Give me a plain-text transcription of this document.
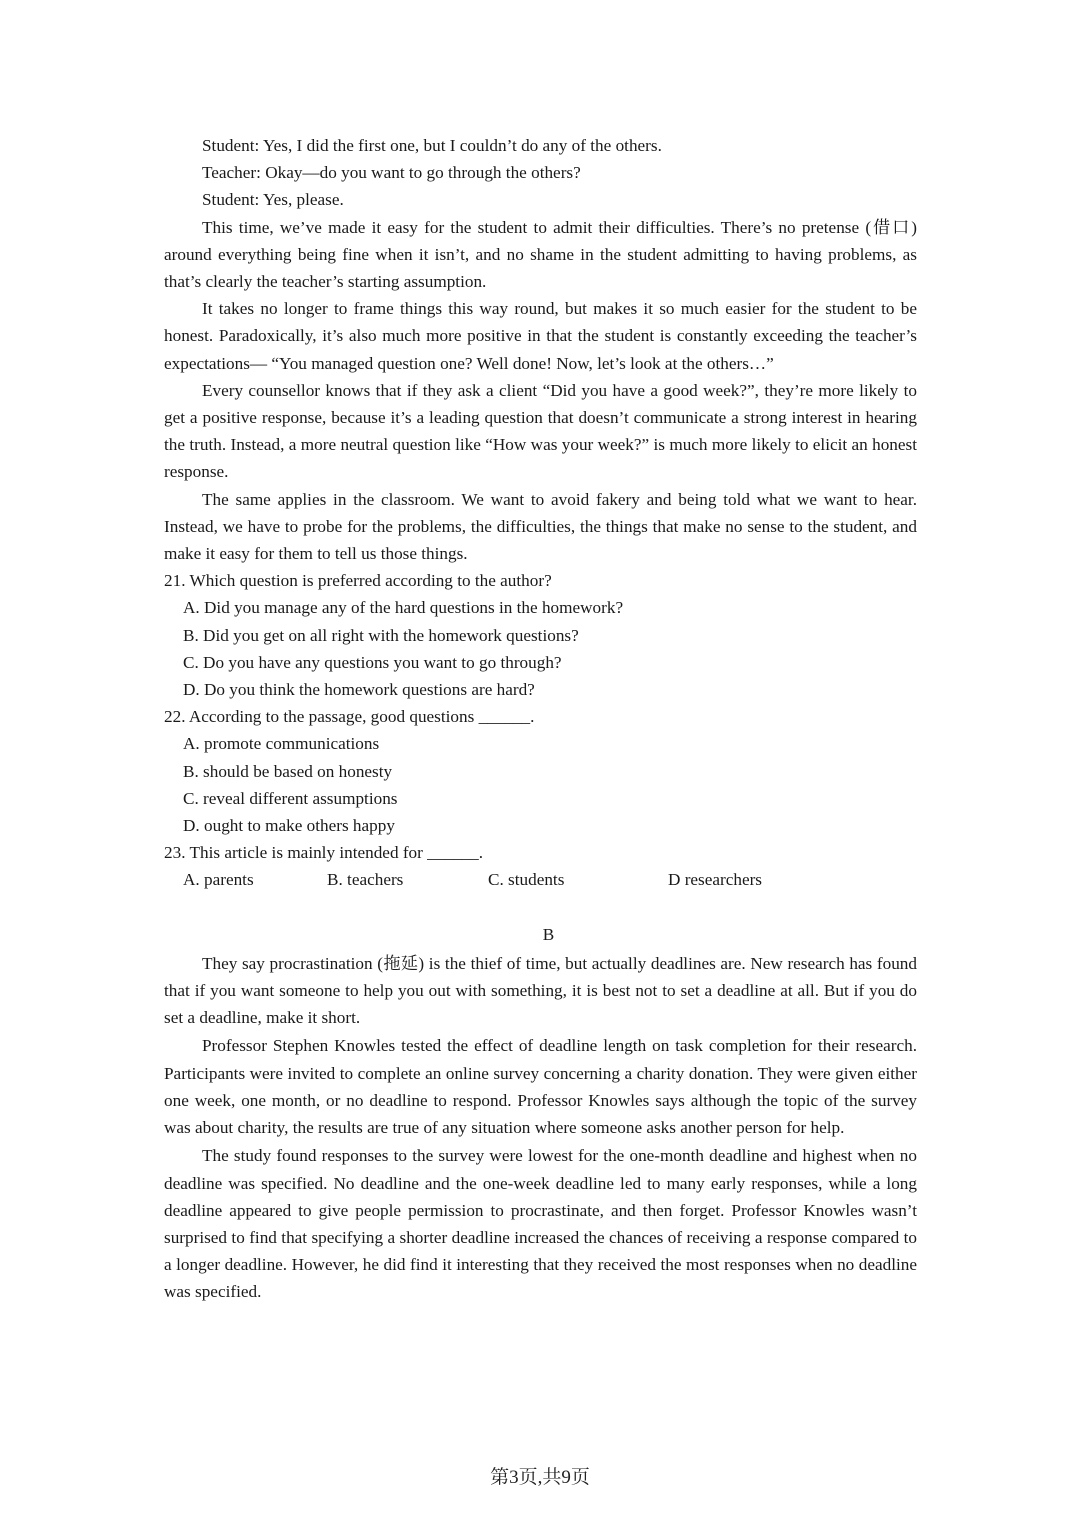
Student: Yes, I did the first one, but I couldn’t do any of the others.

Teacher: Okay—do you want to go through the others?

Student: Yes, please.

This time, we’ve made it easy for the student to admit their difficulties. There’s no pretense (借口) around everything being fine when it isn’t, and no shame in the student admitting to having problems, as that’s clearly the teacher’s starting assumption.

It takes no longer to frame things this way round, but makes it so much easier for the student to be honest. Paradoxically, it’s also much more positive in that the student is constantly exceeding the teacher’s expectations— “You managed question one? Well done! Now, let’s look at the others…”

Every counsellor knows that if they ask a client “Did you have a good week?”, they’re more likely to get a positive response, because it’s a leading question that doesn’t communicate a strong interest in hearing the truth. Instead, a more neutral question like “How was your week?” is much more likely to elicit an honest response.

The same applies in the classroom. We want to avoid fakery and being told what we want to hear. Instead, we have to probe for the problems, the difficulties, the things that make no sense to the student, and make it easy for them to tell us those things.

21. Which question is preferred according to the author?

A. Did you manage any of the hard questions in the homework?

B. Did you get on all right with the homework questions?

C. Do you have any questions you want to go through?

D. Do you think the homework questions are hard?

22. According to the passage, good questions ______.

A. promote communications

B. should be based on honesty

C. reveal different assumptions

D. ought to make others happy

23. This article is mainly intended for ______.

A. parents	B. teachers	C. students	D researchers
B

They say procrastination (拖延) is the thief of time, but actually deadlines are. New research has found that if you want someone to help you out with something, it is best not to set a deadline at all. But if you do set a deadline, make it short.

Professor Stephen Knowles tested the effect of deadline length on task completion for their research. Participants were invited to complete an online survey concerning a charity donation. They were given either one week, one month, or no deadline to respond. Professor Knowles says although the topic of the survey was about charity, the results are true of any situation where someone asks another person for help.

The study found responses to the survey were lowest for the one-month deadline and highest when no deadline was specified. No deadline and the one-week deadline led to many early responses, while a long deadline appeared to give people permission to procrastinate, and then forget. Professor Knowles wasn’t surprised to find that specifying a shorter deadline increased the chances of receiving a response compared to a longer deadline. However, he did find it interesting that they received the most responses when no deadline was specified.

第3页,共9页
